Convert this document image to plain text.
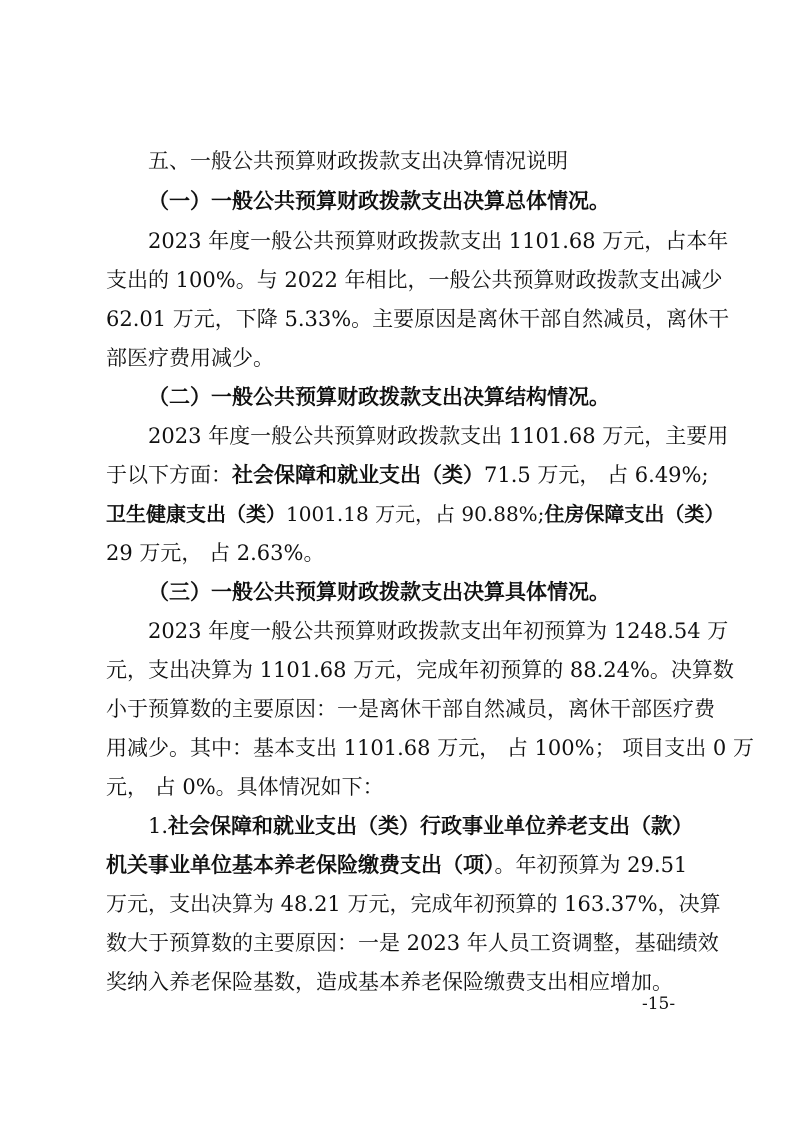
五、一般公共预算财政拨款支出决算情况说明
（一）一般公共预算财政拨款支出决算总体情况。
2023 年度一般公共预算财政拨款支出 1101.68 万元，占本年
支出的 100%。与 2022 年相比，一般公共预算财政拨款支出减少
62.01 万元，下降 5.33%。主要原因是离休干部自然减员，离休干
部医疗费用减少。
（二）一般公共预算财政拨款支出决算结构情况。
2023 年度一般公共预算财政拨款支出 1101.68 万元，主要用
于以下方面：社会保障和就业支出（类）71.5 万元， 占 6.49%;
卫生健康支出（类）1001.18 万元，占 90.88%;住房保障支出（类）
29 万元， 占 2.63%。
（三）一般公共预算财政拨款支出决算具体情况。
2023 年度一般公共预算财政拨款支出年初预算为 1248.54 万
元，支出决算为 1101.68 万元，完成年初预算的 88.24%。决算数
小于预算数的主要原因：一是离休干部自然减员，离休干部医疗费
用减少。其中：基本支出 1101.68 万元， 占 100%； 项目支出 0 万
元， 占 0%。具体情况如下：
1.社会保障和就业支出（类）行政事业单位养老支出（款）
机关事业单位基本养老保险缴费支出（项）。年初预算为 29.51
万元，支出决算为 48.21 万元，完成年初预算的 163.37%，决算
数大于预算数的主要原因：一是 2023 年人员工资调整，基础绩效
奖纳入养老保险基数，造成基本养老保险缴费支出相应增加。
-15-
